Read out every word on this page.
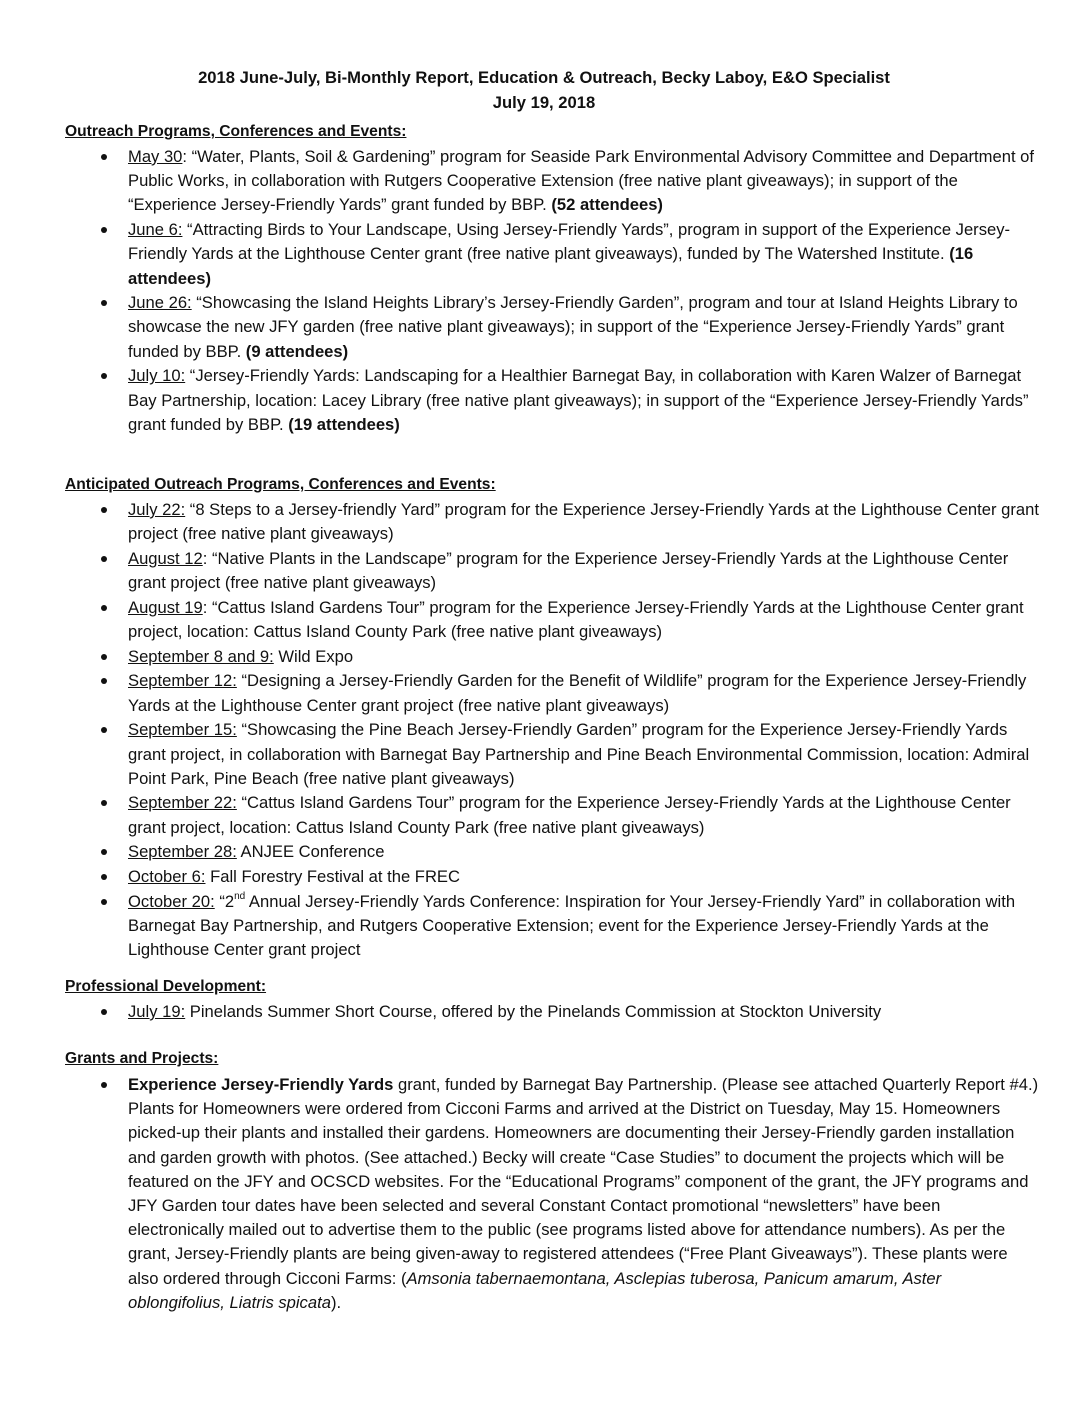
2018 June-July, Bi-Monthly Report, Education & Outreach, Becky Laboy, E&O Specialist
July 19, 2018
Outreach Programs, Conferences and Events:
May 30: “Water, Plants, Soil & Gardening” program for Seaside Park Environmental Advisory Committee and Department of Public Works, in collaboration with Rutgers Cooperative Extension (free native plant giveaways); in support of the “Experience Jersey-Friendly Yards” grant funded by BBP. (52 attendees)
June 6: “Attracting Birds to Your Landscape, Using Jersey-Friendly Yards”, program in support of the Experience Jersey-Friendly Yards at the Lighthouse Center grant (free native plant giveaways), funded by The Watershed Institute. (16 attendees)
June 26: “Showcasing the Island Heights Library’s Jersey-Friendly Garden”, program and tour at Island Heights Library to showcase the new JFY garden (free native plant giveaways); in support of the “Experience Jersey-Friendly Yards” grant funded by BBP. (9 attendees)
July 10: “Jersey-Friendly Yards: Landscaping for a Healthier Barnegat Bay, in collaboration with Karen Walzer of Barnegat Bay Partnership, location: Lacey Library (free native plant giveaways); in support of the “Experience Jersey-Friendly Yards” grant funded by BBP. (19 attendees)
Anticipated Outreach Programs, Conferences and Events:
July 22: “8 Steps to a Jersey-friendly Yard” program for the Experience Jersey-Friendly Yards at the Lighthouse Center grant project (free native plant giveaways)
August 12: “Native Plants in the Landscape” program for the Experience Jersey-Friendly Yards at the Lighthouse Center grant project (free native plant giveaways)
August 19: “Cattus Island Gardens Tour” program for the Experience Jersey-Friendly Yards at the Lighthouse Center grant project, location: Cattus Island County Park (free native plant giveaways)
September 8 and 9: Wild Expo
September 12: “Designing a Jersey-Friendly Garden for the Benefit of Wildlife” program for the Experience Jersey-Friendly Yards at the Lighthouse Center grant project (free native plant giveaways)
September 15: “Showcasing the Pine Beach Jersey-Friendly Garden” program for the Experience Jersey-Friendly Yards grant project, in collaboration with Barnegat Bay Partnership and Pine Beach Environmental Commission, location: Admiral Point Park, Pine Beach (free native plant giveaways)
September 22: “Cattus Island Gardens Tour” program for the Experience Jersey-Friendly Yards at the Lighthouse Center grant project, location: Cattus Island County Park (free native plant giveaways)
September 28: ANJEE Conference
October 6: Fall Forestry Festival at the FREC
October 20: “2nd Annual Jersey-Friendly Yards Conference: Inspiration for Your Jersey-Friendly Yard” in collaboration with Barnegat Bay Partnership, and Rutgers Cooperative Extension; event for the Experience Jersey-Friendly Yards at the Lighthouse Center grant project
Professional Development:
July 19: Pinelands Summer Short Course, offered by the Pinelands Commission at Stockton University
Grants and Projects:
Experience Jersey-Friendly Yards grant, funded by Barnegat Bay Partnership. (Please see attached Quarterly Report #4.) Plants for Homeowners were ordered from Cicconi Farms and arrived at the District on Tuesday, May 15. Homeowners picked-up their plants and installed their gardens. Homeowners are documenting their Jersey-Friendly garden installation and garden growth with photos. (See attached.) Becky will create “Case Studies” to document the projects which will be featured on the JFY and OCSCD websites. For the “Educational Programs” component of the grant, the JFY programs and JFY Garden tour dates have been selected and several Constant Contact promotional “newsletters” have been electronically mailed out to advertise them to the public (see programs listed above for attendance numbers). As per the grant, Jersey-Friendly plants are being given-away to registered attendees (“Free Plant Giveaways”). These plants were also ordered through Cicconi Farms: (Amsonia tabernaemontana, Asclepias tuberosa, Panicum amarum, Aster oblongifolius, Liatris spicata).
